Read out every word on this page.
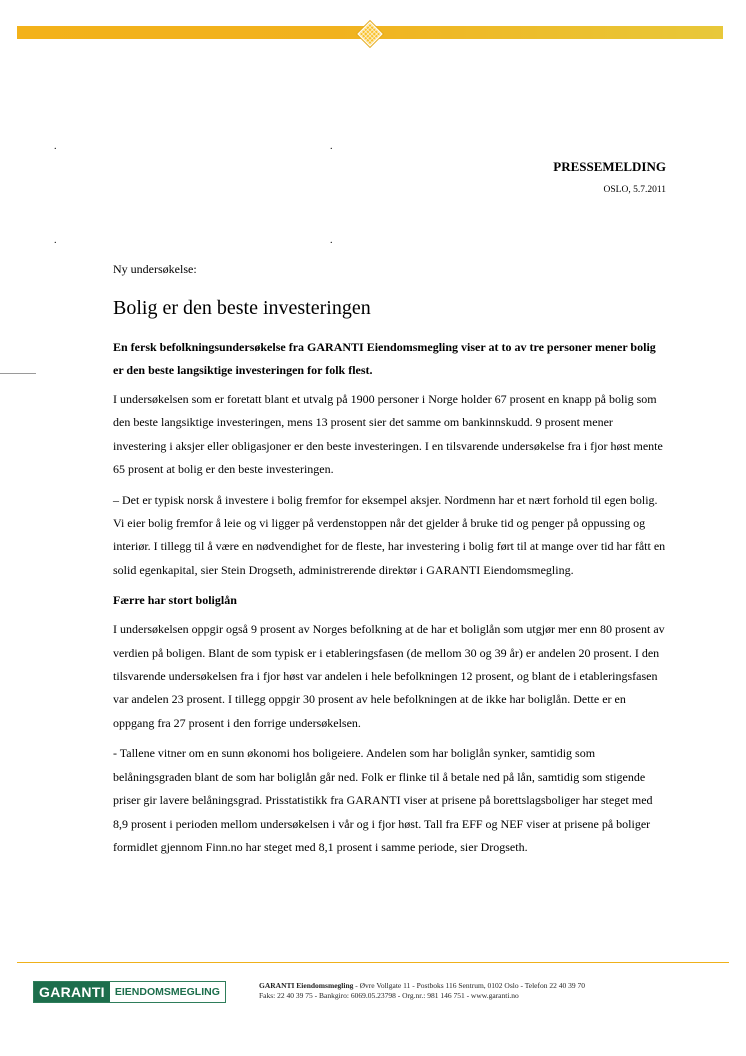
.	.
.	.
PRESSEMELDING
OSLO, 5.7.2011
Ny undersøkelse:
Bolig er den beste investeringen

En fersk befolkningsundersøkelse fra GARANTI Eiendomsmegling viser at to av tre personer mener bolig er den beste langsiktige investeringen for folk flest.

I undersøkelsen som er foretatt blant et utvalg på 1900 personer i Norge holder 67 prosent en knapp på bolig som den beste langsiktige investeringen, mens 13 prosent sier det samme om bankinnskudd. 9 prosent mener investering i aksjer eller obligasjoner er den beste investeringen. I en tilsvarende undersøkelse fra i fjor høst mente 65 prosent at bolig er den beste investeringen.

– Det er typisk norsk å investere i bolig fremfor for eksempel aksjer. Nordmenn har et nært forhold til egen bolig. Vi eier bolig fremfor å leie og vi ligger på verdenstoppen når det gjelder å bruke tid og penger på oppussing og interiør. I tillegg til å være en nødvendighet for de fleste, har investering i bolig ført til at mange over tid har fått en solid egenkapital, sier Stein Drogseth, administrerende direktør i GARANTI Eiendomsmegling.

Færre har stort boliglån

I undersøkelsen oppgir også 9 prosent av Norges befolkning at de har et boliglån som utgjør mer enn 80 prosent av verdien på boligen. Blant de som typisk er i etableringsfasen (de mellom 30 og 39 år) er andelen 20 prosent. I den tilsvarende undersøkelsen fra i fjor høst var andelen i hele befolkningen 12 prosent, og blant de i etableringsfasen var andelen 23 prosent. I tillegg oppgir 30 prosent av hele befolkningen at de ikke har boliglån. Dette er en oppgang fra 27 prosent i den forrige undersøkelsen.

- Tallene vitner om en sunn økonomi hos boligeiere. Andelen som har boliglån synker, samtidig som belåningsgraden blant de som har boliglån går ned. Folk er flinke til å betale ned på lån, samtidig som stigende priser gir lavere belåningsgrad. Prisstatistikk fra GARANTI viser at prisene på borettslagsboliger har steget med 8,9 prosent i perioden mellom undersøkelsen i vår og i fjor høst. Tall fra EFF og NEF viser at prisene på boliger formidlet gjennom Finn.no har steget med 8,1 prosent i samme periode, sier Drogseth.

GARANTI EIENDOMSMEGLING
GARANTI Eiendomsmegling - Øvre Vollgate 11 - Postboks 116 Sentrum, 0102 Oslo - Telefon 22 40 39 70
Faks: 22 40 39 75 - Bankgiro: 6069.05.23798 - Org.nr.: 981 146 751 - www.garanti.no
